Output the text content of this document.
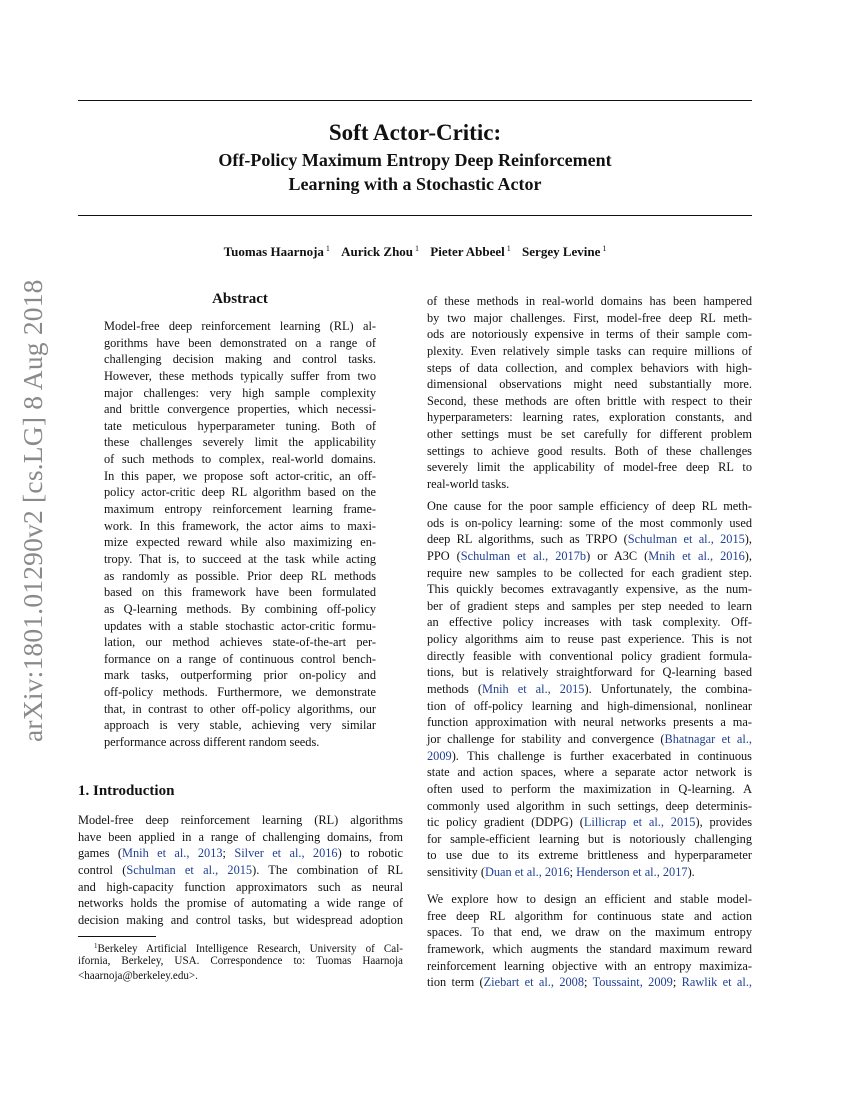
Soft Actor-Critic:
Off-Policy Maximum Entropy Deep Reinforcement
Learning with a Stochastic Actor
Tuomas Haarnoja $^1$ Aurick Zhou $^1$ Pieter Abbeel $^1$ Sergey Levine $^1$
arXiv:1801.01290v2 [cs.LG] 8 Aug 2018	Abstract
Model-free deep reinforcement learning (RL) al-
gorithms have been demonstrated on a range of
challenging decision making and control tasks.
However, these methods typically suffer from two
major challenges: very high sample complexity
and brittle convergence properties, which necessi-
tate meticulous hyperparameter tuning. Both of
these challenges severely limit the applicability
of such methods to complex, real-world domains.
In this paper, we propose soft actor-critic, an off-
policy actor-critic deep RL algorithm based on the
maximum entropy reinforcement learning frame-
work. In this framework, the actor aims to maxi-
mize expected reward while also maximizing en-
tropy. That is, to succeed at the task while acting
as randomly as possible. Prior deep RL methods
based on this framework have been formulated
as Q-learning methods. By combining off-policy
updates with a stable stochastic actor-critic formu-
lation, our method achieves state-of-the-art per-
formance on a range of continuous control bench-
mark tasks, outperforming prior on-policy and
off-policy methods. Furthermore, we demonstrate
that, in contrast to other off-policy algorithms, our
approach is very stable, achieving very similar
performance across different random seeds.
1. Introduction
Model-free deep reinforcement learning (RL) algorithms
have been applied in a range of challenging domains, from
games (Mnih et al., 2013; Silver et al., 2016) to robotic
control (Schulman et al., 2015). The combination of RL
and high-capacity function approximators such as neural
networks holds the promise of automating a wide range of
decision making and control tasks, but widespread adoption
$^1$Berkeley Artificial Intelligence Research, University of Cal-
ifornia, Berkeley, USA. Correspondence to: Tuomas Haarnoja
<haarnoja@berkeley.edu>.
of these methods in real-world domains has been hampered
by two major challenges. First, model-free deep RL meth-
ods are notoriously expensive in terms of their sample com-
plexity. Even relatively simple tasks can require millions of
steps of data collection, and complex behaviors with high-
dimensional observations might need substantially more.
Second, these methods are often brittle with respect to their
hyperparameters: learning rates, exploration constants, and
other settings must be set carefully for different problem
settings to achieve good results. Both of these challenges
severely limit the applicability of model-free deep RL to
real-world tasks.
One cause for the poor sample efficiency of deep RL meth-
ods is on-policy learning: some of the most commonly used
deep RL algorithms, such as TRPO (Schulman et al., 2015),
PPO (Schulman et al., 2017b) or A3C (Mnih et al., 2016),
require new samples to be collected for each gradient step.
This quickly becomes extravagantly expensive, as the num-
ber of gradient steps and samples per step needed to learn
an effective policy increases with task complexity. Off-
policy algorithms aim to reuse past experience. This is not
directly feasible with conventional policy gradient formula-
tions, but is relatively straightforward for Q-learning based
methods (Mnih et al., 2015). Unfortunately, the combina-
tion of off-policy learning and high-dimensional, nonlinear
function approximation with neural networks presents a ma-
jor challenge for stability and convergence (Bhatnagar et al.,
2009). This challenge is further exacerbated in continuous
state and action spaces, where a separate actor network is
often used to perform the maximization in Q-learning. A
commonly used algorithm in such settings, deep determinis-
tic policy gradient (DDPG) (Lillicrap et al., 2015), provides
for sample-efficient learning but is notoriously challenging
to use due to its extreme brittleness and hyperparameter
sensitivity (Duan et al., 2016; Henderson et al., 2017).
We explore how to design an efficient and stable model-
free deep RL algorithm for continuous state and action
spaces. To that end, we draw on the maximum entropy
framework, which augments the standard maximum reward
reinforcement learning objective with an entropy maximiza-
tion term (Ziebart et al., 2008; Toussaint, 2009; Rawlik et al.,
